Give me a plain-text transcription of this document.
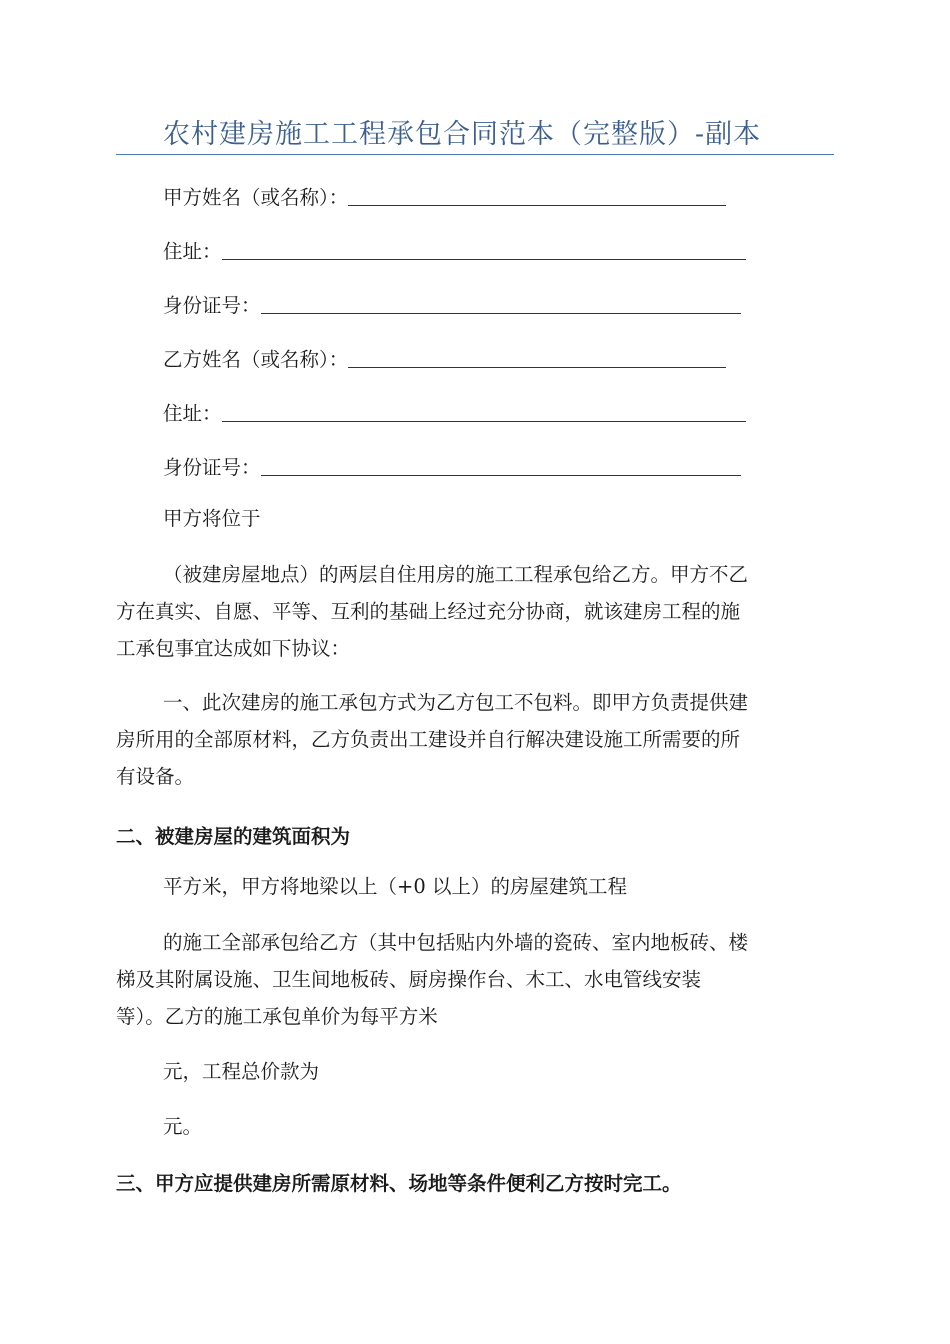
农村建房施工工程承包合同范本（完整版）-副本
甲方姓名（或名称）：
住址：
身份证号：
乙方姓名（或名称）：
住址：
身份证号：
甲方将位于
（被建房屋地点）的两层自住用房的施工工程承包给乙方。甲方不乙
方在真实、自愿、平等、互利的基础上经过充分协商，就该建房工程的施
工承包事宜达成如下协议：
一、此次建房的施工承包方式为乙方包工不包料。即甲方负责提供建
房所用的全部原材料，乙方负责出工建设并自行解决建设施工所需要的所
有设备。
二、被建房屋的建筑面积为
平方米，甲方将地梁以上（+0 以上）的房屋建筑工程
的施工全部承包给乙方（其中包括贴内外墙的瓷砖、室内地板砖、楼
梯及其附属设施、卫生间地板砖、厨房操作台、木工、水电管线安装
等）。乙方的施工承包单价为每平方米
元，工程总价款为
元。
三、甲方应提供建房所需原材料、场地等条件便利乙方按时完工。
